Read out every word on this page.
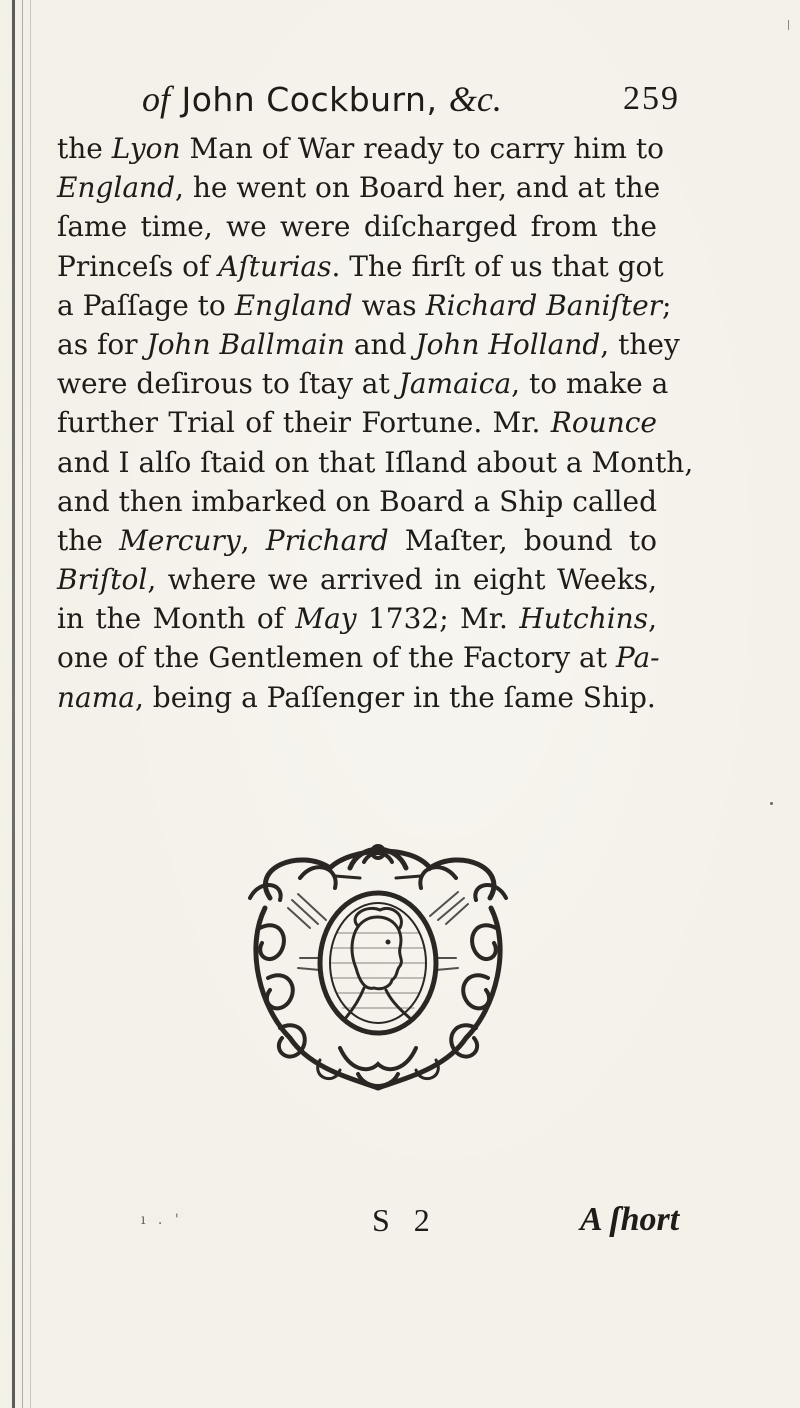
of John Cockburn, &c.	259
the Lyon Man of War ready to carry him to
England, he went on Board her, and at the
ſame time, we were diſcharged from the
Princeſs of Aſturias. The firſt of us that got
a Paſſage to England was Richard Baniſter;
as for John Ballmain and John Holland, they
were deſirous to ſtay at Jamaica, to make a
further Trial of their Fortune. Mr. Rounce
and I alſo ſtaid on that Iſland about a Month,
and then imbarked on Board a Ship called
the Mercury, Prichard Maſter, bound to
Briſtol, where we arrived in eight Weeks,
in the Month of May 1732; Mr. Hutchins,
one of the Gentlemen of the Factory at Pa-
nama, being a Paſſenger in the ſame Ship.
ı . '	S 2	A ſhort
